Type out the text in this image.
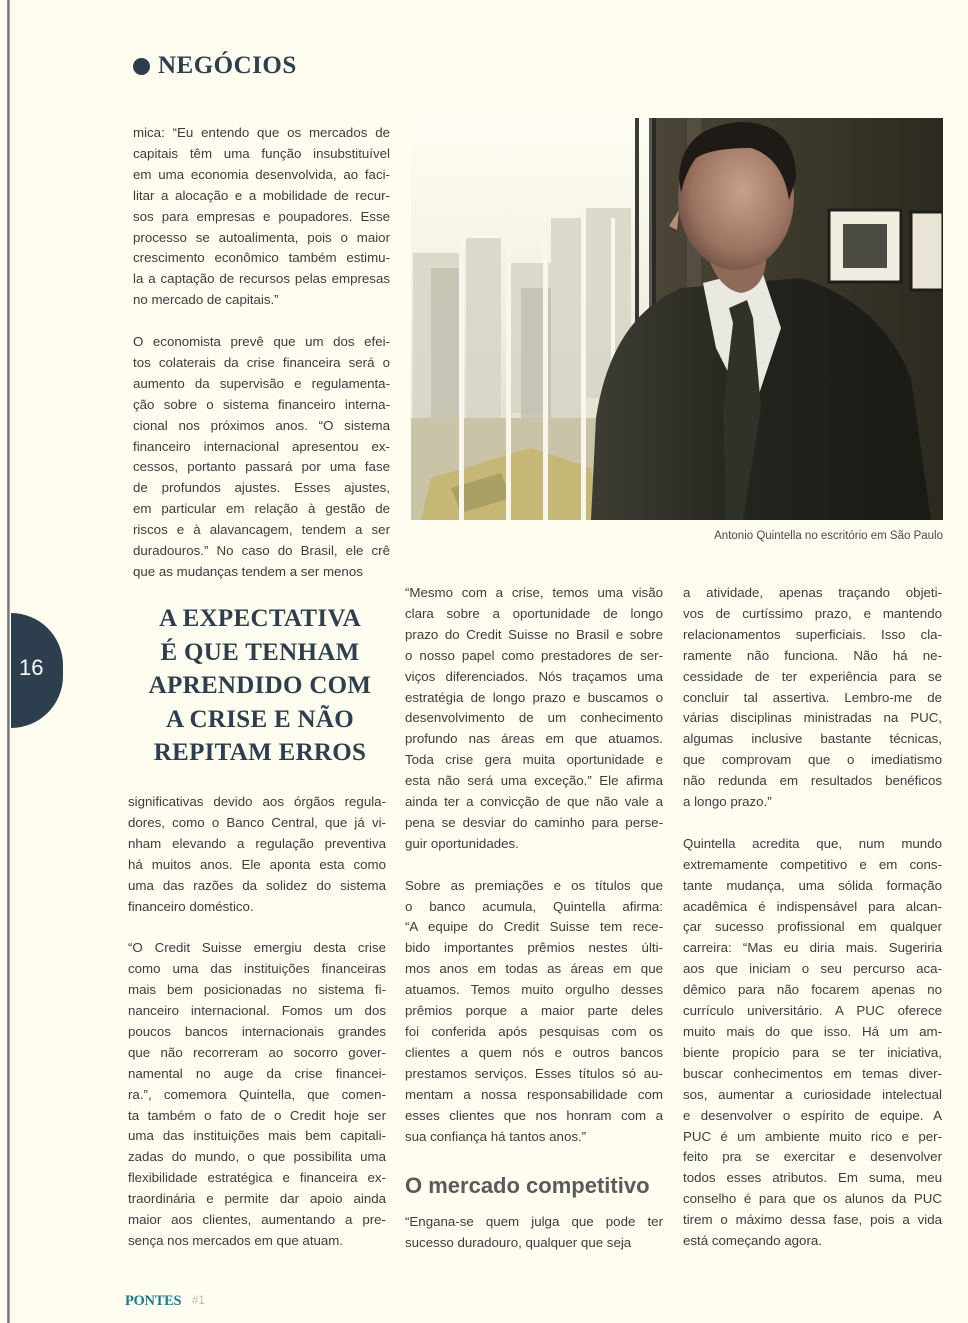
NEGÓCIOS
mica: “Eu entendo que os mercados de
capitais têm uma função insubstituível
em uma economia desenvolvida, ao faci-
litar a alocação e a mobilidade de recur-
sos para empresas e poupadores. Esse
processo se autoalimenta, pois o maior
crescimento econômico também estimu-
la a captação de recursos pelas empresas
no mercado de capitais.”
O economista prevê que um dos efei-
tos colaterais da crise financeira será o
aumento da supervisão e regulamenta-
ção sobre o sistema financeiro interna-
cional nos próximos anos. “O sistema
financeiro internacional apresentou ex-
cessos, portanto passará por uma fase
de profundos ajustes. Esses ajustes,
em particular em relação à gestão de
riscos e à alavancagem, tendem a ser
duradouros.” No caso do Brasil, ele crê
que as mudanças tendem a ser menos
significativas devido aos órgãos regula-
dores, como o Banco Central, que já vi-
nham elevando a regulação preventiva
há muitos anos. Ele aponta esta como
uma das razões da solidez do sistema
financeiro doméstico.
“O Credit Suisse emergiu desta crise
como uma das instituições financeiras
mais bem posicionadas no sistema fi-
nanceiro internacional. Fomos um dos
poucos bancos internacionais grandes
que não recorreram ao socorro gover-
namental no auge da crise financei-
ra.”, comemora Quintella, que comen-
ta também o fato de o Credit hoje ser
uma das instituições mais bem capitali-
zadas do mundo, o que possibilita uma
flexibilidade estratégica e financeira ex-
traordinária e permite dar apoio ainda
maior aos clientes, aumentando a pre-
sença nos mercados em que atuam.
Antonio Quintella no escritório em São Paulo
16
A EXPECTATIVA
É QUE TENHAM
APRENDIDO COM
A CRISE E NÃO
REPITAM ERROS
“Mesmo com a crise, temos uma visão
clara sobre a oportunidade de longo
prazo do Credit Suisse no Brasil e sobre
o nosso papel como prestadores de ser-
viços diferenciados. Nós traçamos uma
estratégia de longo prazo e buscamos o
desenvolvimento de um conhecimento
profundo nas áreas em que atuamos.
Toda crise gera muita oportunidade e
esta não será uma exceção.” Ele afirma
ainda ter a convicção de que não vale a
pena se desviar do caminho para perse-
guir oportunidades.
Sobre as premiações e os títulos que
o banco acumula, Quintella afirma:
“A equipe do Credit Suisse tem rece-
bido importantes prêmios nestes últi-
mos anos em todas as áreas em que
atuamos. Temos muito orgulho desses
prêmios porque a maior parte deles
foi conferida após pesquisas com os
clientes a quem nós e outros bancos
prestamos serviços. Esses títulos só au-
mentam a nossa responsabilidade com
esses clientes que nos honram com a
sua confiança há tantos anos.”
O mercado competitivo
“Engana-se quem julga que pode ter
sucesso duradouro, qualquer que seja
a atividade, apenas traçando objeti-
vos de curtíssimo prazo, e mantendo
relacionamentos superficiais. Isso cla-
ramente não funciona. Não há ne-
cessidade de ter experiência para se
concluir tal assertiva. Lembro-me de
várias disciplinas ministradas na PUC,
algumas inclusive bastante técnicas,
que comprovam que o imediatismo
não redunda em resultados benéficos
a longo prazo.”
Quintella acredita que, num mundo
extremamente competitivo e em cons-
tante mudança, uma sólida formação
acadêmica é indispensável para alcan-
çar sucesso profissional em qualquer
carreira: “Mas eu diria mais. Sugeriria
aos que iniciam o seu percurso aca-
dêmico para não focarem apenas no
currículo universitário. A PUC oferece
muito mais do que isso. Há um am-
biente propício para se ter iniciativa,
buscar conhecimentos em temas diver-
sos, aumentar a curiosidade intelectual
e desenvolver o espírito de equipe. A
PUC é um ambiente muito rico e per-
feito pra se exercitar e desenvolver
todos esses atributos. Em suma, meu
conselho é para que os alunos da PUC
tirem o máximo dessa fase, pois a vida
está começando agora.
PONTES #1
